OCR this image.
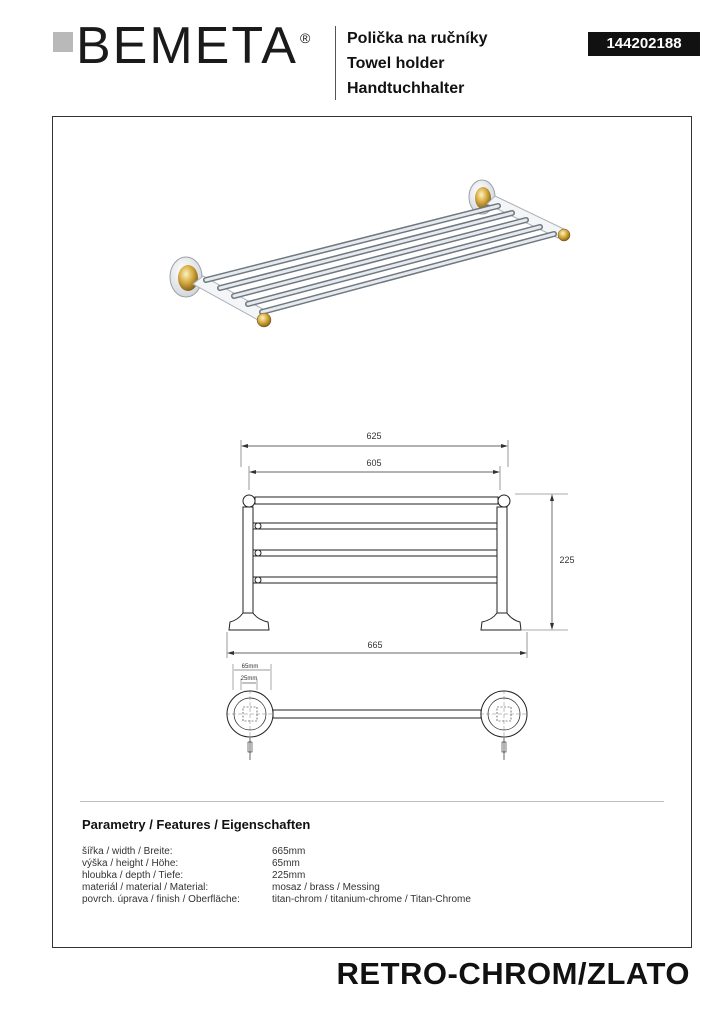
BEMETA ® Polička na ručníky
Towel holder
Handtuchhalter
144202188
625
605
225
665
65mm
25mm
Parametry / Features / Eigenschaften
šířka / width / Breite:	665mm
výška / height / Höhe:	65mm
hloubka / depth / Tiefe:	225mm
materiál / material / Material:	mosaz / brass / Messing
povrch. úprava / finish / Oberfläche:	titan-chrom / titanium-chrome / Titan-Chrome
RETRO-CHROM/ZLATO
